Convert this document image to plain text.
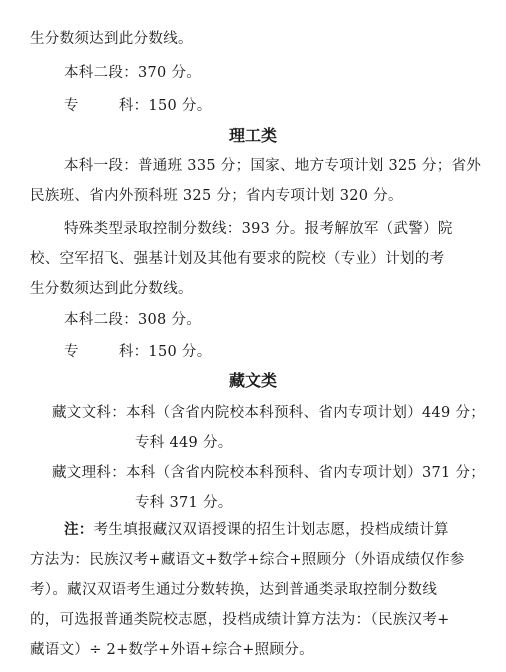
生分数须达到此分数线。
本科二段：370 分。
专	科：150 分。
理工类
本科一段：普通班 335 分；国家、地方专项计划 325 分；省外
民族班、省内外预科班 325 分；省内专项计划 320 分。
特殊类型录取控制分数线：393 分。报考解放军（武警）院
校、空军招飞、强基计划及其他有要求的院校（专业）计划的考
生分数须达到此分数线。
本科二段：308 分。
专	科：150 分。
藏文类
藏文文科：本科（含省内院校本科预科、省内专项计划）449 分；
专科 449 分。
藏文理科：本科（含省内院校本科预科、省内专项计划）371 分；
专科 371 分。
注：考生填报藏汉双语授课的招生计划志愿，投档成绩计算
方法为：民族汉考+藏语文+数学+综合+照顾分（外语成绩仅作参
考）。藏汉双语考生通过分数转换，达到普通类录取控制分数线
的，可选报普通类院校志愿，投档成绩计算方法为：（民族汉考+
藏语文）÷ 2+数学+外语+综合+照顾分。
